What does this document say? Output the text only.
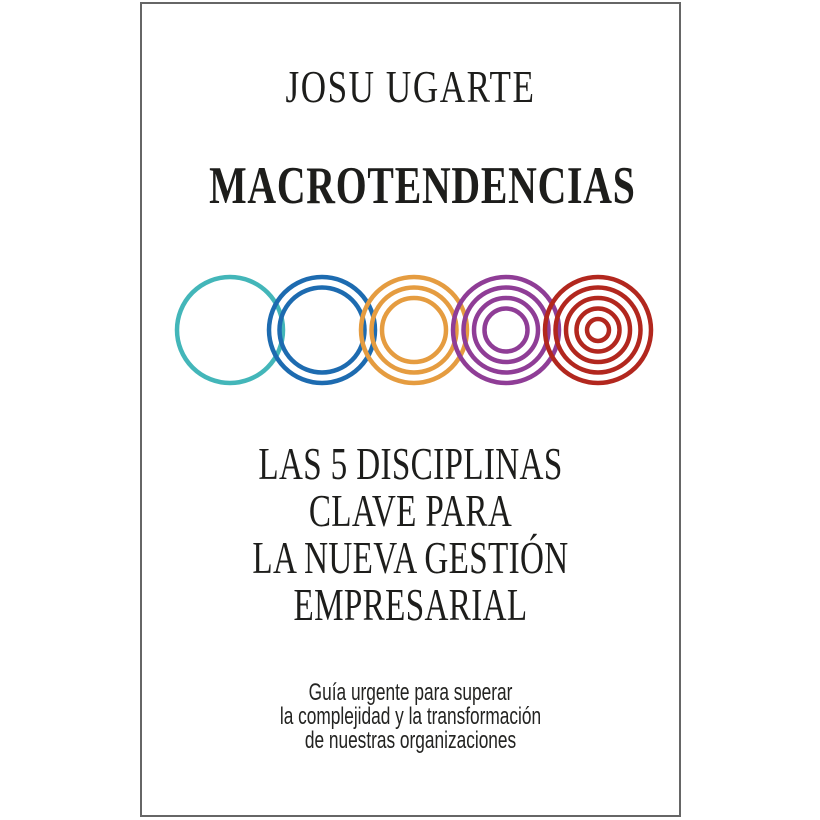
JOSU UGARTE
MACROTENDENCIAS
LAS 5 DISCIPLINAS
CLAVE PARA
LA NUEVA GESTIÓN
EMPRESARIAL
Guía urgente para superar
la complejidad y la transformación
de nuestras organizaciones
